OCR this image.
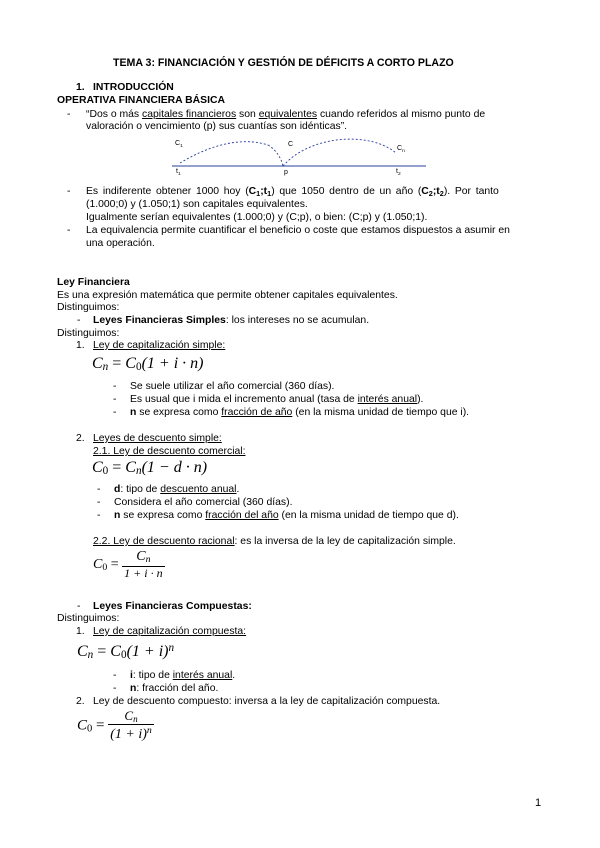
TEMA 3: FINANCIACIÓN Y GESTIÓN DE DÉFICITS A CORTO PLAZO
1. INTRODUCCIÓN
OPERATIVA FINANCIERA BÁSICA
- “Dos o más capitales financieros son equivalentes cuando referidos al mismo punto de
valoración o vencimiento (p) sus cuantías son idénticas”.
$C_1$	C
$C_n$
$t_1$	p	$t_2$
- Es indiferente obtener 1000 hoy $(C_1;t_1)$ que 1050 dentro de un año $(C_2;t_2)$. Por tanto
(1.000;0) y (1.050;1) son capitales equivalentes.
Igualmente serían equivalentes (1.000;0) y (C;p), o bien: (C;p) y (1.050;1).
- La equivalencia permite cuantificar el beneficio o coste que estamos dispuestos a asumir en
una operación.
Ley Financiera
Es una expresión matemática que permite obtener capitales equivalentes.
Distinguimos:
- Leyes Financieras Simples: los intereses no se acumulan.
Distinguimos:
1. Ley de capitalización simple:
$C_n = C_0(1 + i \cdot n)$
- Se suele utilizar el año comercial (360 días).
- Es usual que i mida el incremento anual (tasa de interés anual).
- n se expresa como fracción de año (en la misma unidad de tiempo que i).
2. Leyes de descuento simple:
2.1. Ley de descuento comercial:
$C_0 = C_n(1 - d \cdot n)$
- d: tipo de descuento anual.
- Considera el año comercial (360 días).
- n se expresa como fracción del año (en la misma unidad de tiempo que d).
2.2. Ley de descuento racional: es la inversa de la ley de capitalización simple.
$C_0 = \frac{C_n}{1 + i \cdot n}$
- Leyes Financieras Compuestas:
Distinguimos:
1. Ley de capitalización compuesta:
$C_n = C_0(1 + i)^n$
- i: tipo de interés anual.
- n: fracción del año.
2. Ley de descuento compuesto: inversa a la ley de capitalización compuesta.
$C_0 = \frac{C_n}{(1 + i)^n}$
1
